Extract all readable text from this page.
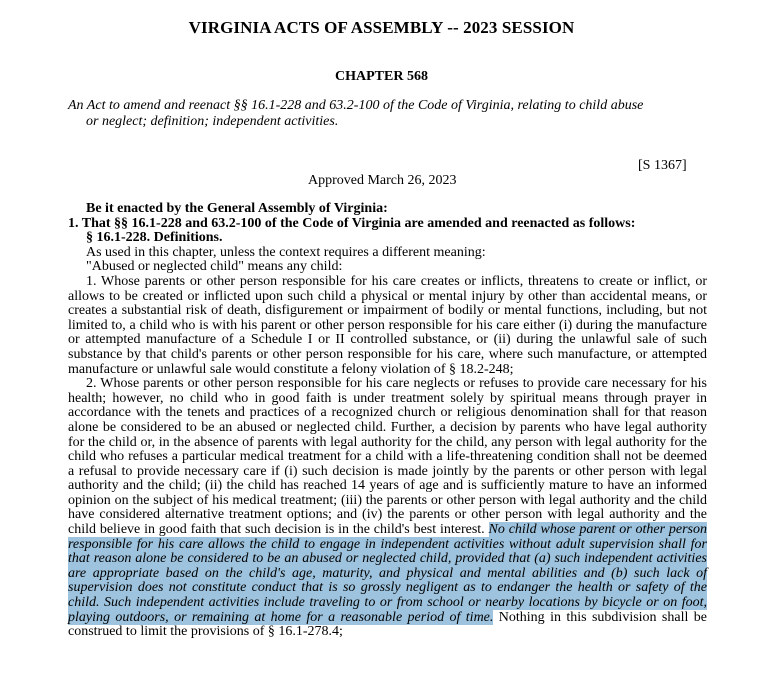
VIRGINIA ACTS OF ASSEMBLY -- 2023 SESSION
CHAPTER 568
An Act to amend and reenact §§ 16.1-228 and 63.2-100 of the Code of Virginia, relating to child abuse
or neglect; definition; independent activities.
[S 1367]
Approved March 26, 2023

Be it enacted by the General Assembly of Virginia:

1. That §§ 16.1-228 and 63.2-100 of the Code of Virginia are amended and reenacted as follows:

§ 16.1-228. Definitions.

As used in this chapter, unless the context requires a different meaning:

"Abused or neglected child" means any child:

1. Whose parents or other person responsible for his care creates or inflicts, threatens to create or inflict, or allows to be created or inflicted upon such child a physical or mental injury by other than accidental means, or creates a substantial risk of death, disfigurement or impairment of bodily or mental functions, including, but not limited to, a child who is with his parent or other person responsible for his care either (i) during the manufacture or attempted manufacture of a Schedule I or II controlled substance, or (ii) during the unlawful sale of such substance by that child's parents or other person responsible for his care, where such manufacture, or attempted manufacture or unlawful sale would constitute a felony violation of § 18.2-248;

2. Whose parents or other person responsible for his care neglects or refuses to provide care necessary for his health; however, no child who in good faith is under treatment solely by spiritual means through prayer in accordance with the tenets and practices of a recognized church or religious denomination shall for that reason alone be considered to be an abused or neglected child. Further, a decision by parents who have legal authority for the child or, in the absence of parents with legal authority for the child, any person with legal authority for the child who refuses a particular medical treatment for a child with a life-threatening condition shall not be deemed a refusal to provide necessary care if (i) such decision is made jointly by the parents or other person with legal authority and the child; (ii) the child has reached 14 years of age and is sufficiently mature to have an informed opinion on the subject of his medical treatment; (iii) the parents or other person with legal authority and the child have considered alternative treatment options; and (iv) the parents or other person with legal authority and the child believe in good faith that such decision is in the child's best interest. No child whose parent or other person responsible for his care allows the child to engage in independent activities without adult supervision shall for that reason alone be considered to be an abused or neglected child, provided that (a) such independent activities are appropriate based on the child's age, maturity, and physical and mental abilities and (b) such lack of supervision does not constitute conduct that is so grossly negligent as to endanger the health or safety of the child. Such independent activities include traveling to or from school or nearby locations by bicycle or on foot, playing outdoors, or remaining at home for a reasonable period of time. Nothing in this subdivision shall be construed to limit the provisions of § 16.1-278.4;
